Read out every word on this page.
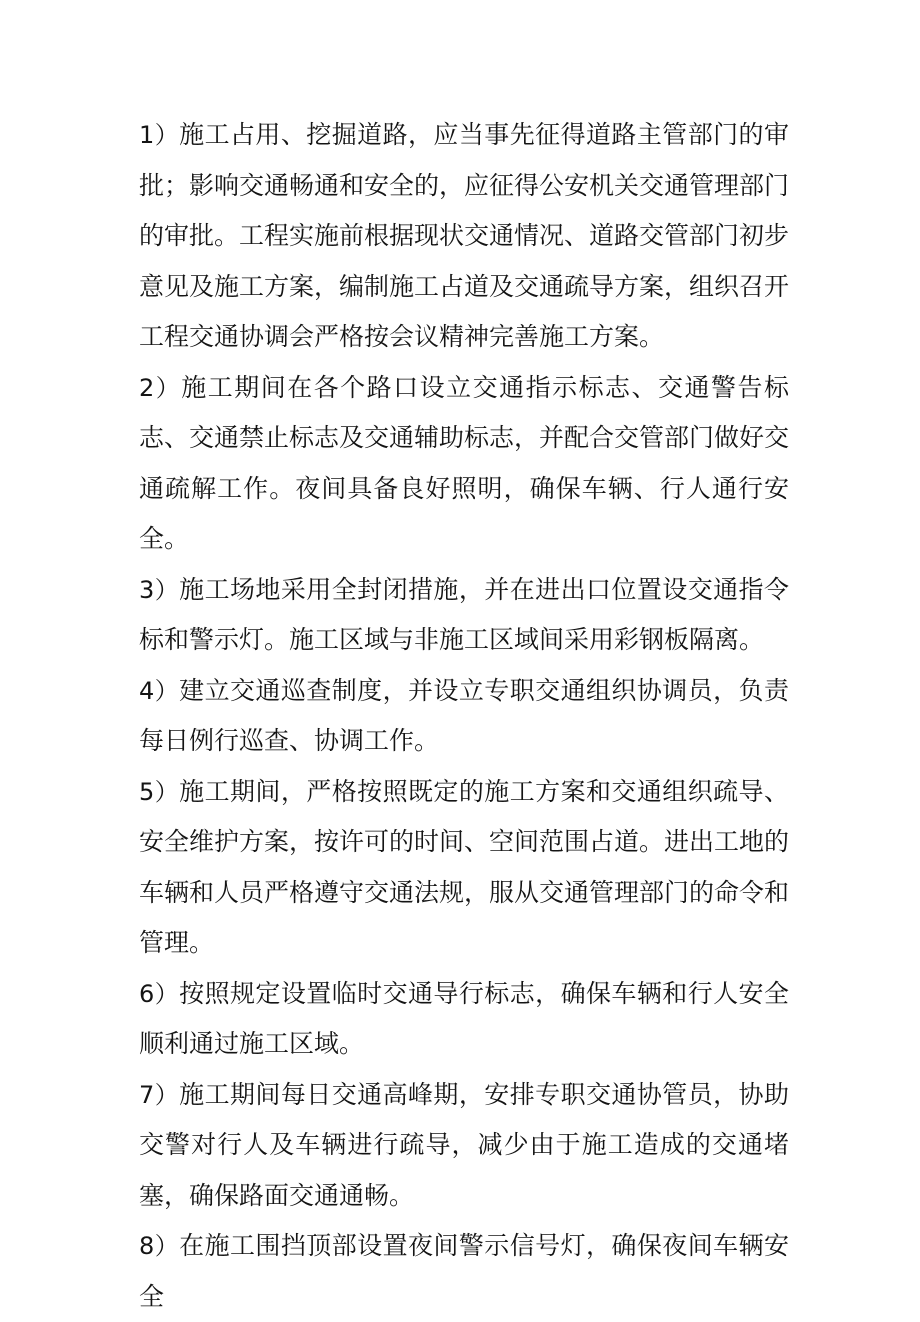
1）施工占用、挖掘道路，应当事先征得道路主管部门的审批；影响交通畅通和安全的，应征得公安机关交通管理部门的审批。工程实施前根据现状交通情况、道路交管部门初步意见及施工方案，编制施工占道及交通疏导方案，组织召开工程交通协调会严格按会议精神完善施工方案。

2）施工期间在各个路口设立交通指示标志、交通警告标志、交通禁止标志及交通辅助标志，并配合交管部门做好交通疏解工作。夜间具备良好照明，确保车辆、行人通行安全。

3）施工场地采用全封闭措施，并在进出口位置设交通指令标和警示灯。施工区域与非施工区域间采用彩钢板隔离。

4）建立交通巡查制度，并设立专职交通组织协调员，负责每日例行巡查、协调工作。

5）施工期间，严格按照既定的施工方案和交通组织疏导、安全维护方案，按许可的时间、空间范围占道。进出工地的车辆和人员严格遵守交通法规，服从交通管理部门的命令和管理。

6）按照规定设置临时交通导行标志，确保车辆和行人安全顺利通过施工区域。

7）施工期间每日交通高峰期，安排专职交通协管员，协助交警对行人及车辆进行疏导，减少由于施工造成的交通堵塞，确保路面交通通畅。

8）在施工围挡顶部设置夜间警示信号灯，确保夜间车辆安全
